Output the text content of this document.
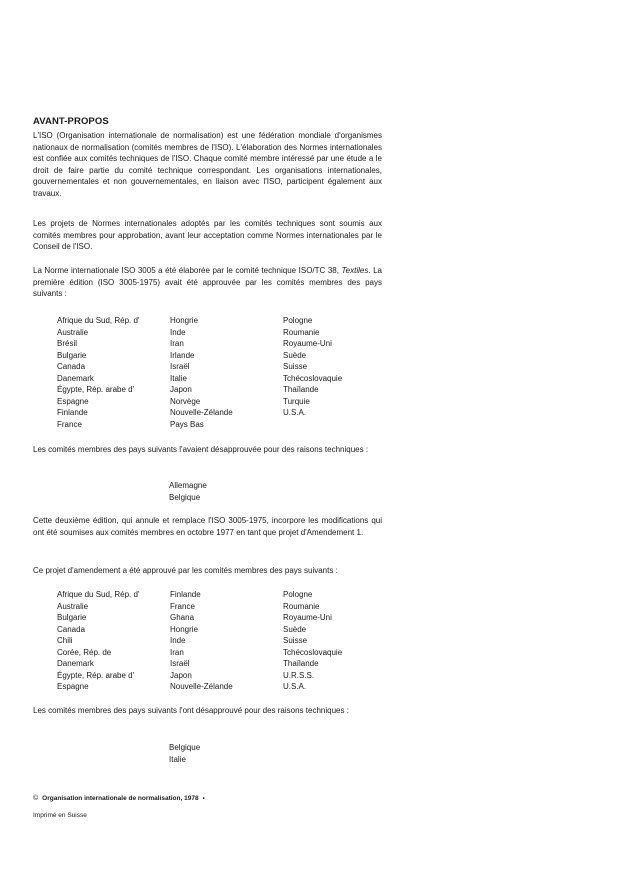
AVANT-PROPOS
L'ISO (Organisation internationale de normalisation) est une fédération mondiale d'organismes nationaux de normalisation (comités membres de l'ISO). L'élaboration des Normes internationales est confiée aux comités techniques de l'ISO. Chaque comité membre intéressé par une étude a le droit de faire partie du comité technique correspondant. Les organisations internationales, gouvernementales et non gouvernementales, en liaison avec l'ISO, participent également aux travaux.
Les projets de Normes internationales adoptés par les comités techniques sont soumis aux comités membres pour approbation, avant leur acceptation comme Normes internationales par le Conseil de l'ISO.
La Norme internationale ISO 3005 a été élaborée par le comité technique ISO/TC 38, Textiles. La première édition (ISO 3005-1975) avait été approuvée par les comités membres des pays suivants :
Afrique du Sud, Rép. d'	Hongrie	Pologne
Australie	Inde	Roumanie
Brésil	Iran	Royaume-Uni
Bulgarie	Irlande	Suède
Canada	Israël	Suisse
Danemark	Italie	Tchécoslovaquie
Égypte, Rép. arabe d'	Japon	Thaïlande
Espagne	Norvège	Turquie
Finlande	Nouvelle-Zélande	U.S.A.
France	Pays Bas
Les comités membres des pays suivants l'avaient désapprouvée pour des raisons techniques :
Allemagne
Belgique
Cette deuxième édition, qui annule et remplace l'ISO 3005-1975, incorpore les modifications qui ont été soumises aux comités membres en octobre 1977 en tant que projet d'Amendement 1.
Ce projet d'amendement a été approuvé par les comités membres des pays suivants :
Afrique du Sud, Rép. d'	Finlande	Pologne
Australie	France	Roumanie
Bulgarie	Ghana	Royaume-Uni
Canada	Hongrie	Suède
Chili	Inde	Suisse
Corée, Rép. de	Iran	Tchécoslovaquie
Danemark	Israël	Thaïlande
Égypte, Rép. arabe d'	Japon	U.R.S.S.
Espagne	Nouvelle-Zélande	U.S.A.
Les comités membres des pays suivants l'ont désapprouvé pour des raisons techniques :
Belgique
Italie
© Organisation internationale de normalisation, 1978 •
Imprimé en Suisse
